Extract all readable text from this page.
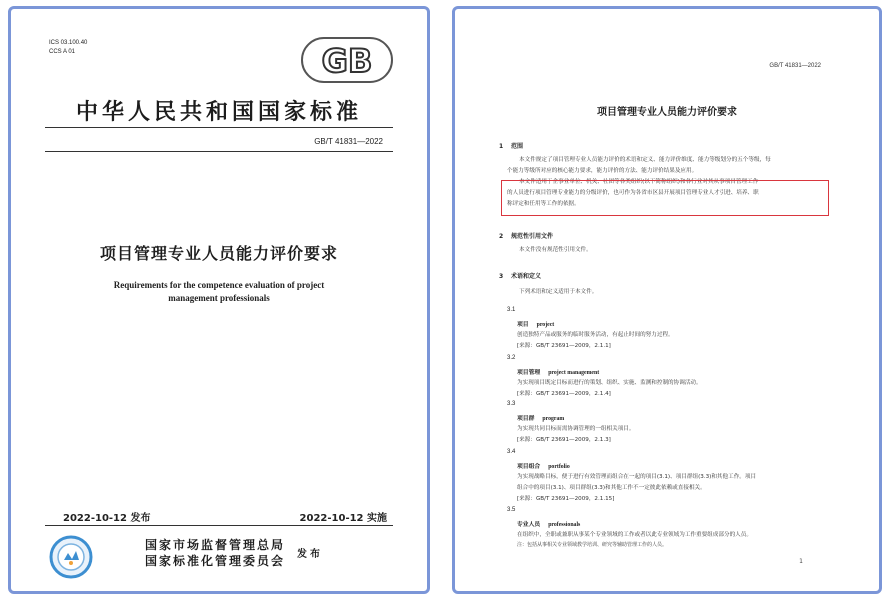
ICS 03.100.40
CCS A 01	GB
中华人民共和国国家标准
GB/T 41831—2022
项目管理专业人员能力评价要求
Requirements for the competence evaluation of project
management professionals
2022-10-12 发布	2022-10-12 实施
国家市场监督管理总局
国家标准化管理委员会 发布
GB/T 41831—2022
项目管理专业人员能力评价要求
1 范围
本文件规定了项目管理专业人员能力评价的术语和定义、能力评价维度、能力等级划分的五个等级，每
个能力等级所对应的核心能力要求，能力评价的方法、能力评价结果及应用。
本文件适用于企事业单位、机关、社团等各类组织(以下简称组织)和各行业对其从事项目管理工作
的人员进行项目管理专业能力的分级评价，也可作为各省市区县开展项目管理专业人才引进、培养、职
称评定和任用等工作的依据。
2 规范性引用文件
本文件没有规范性引用文件。
3 术语和定义
下列术语和定义适用于本文件。
3.1
项目 project
创造独特产品或服务的临时服务活动，有起止时间的努力过程。
[来源：GB/T 23691—2009，2.1.1]
3.2
项目管理 project management
为实现项目既定目标而进行的策划、组织、实施、监测和控制的协调活动。
[来源：GB/T 23691—2009，2.1.4]
3.3
项目群 program
为实现共同目标而需协调管理的一组相关项目。
[来源：GB/T 23691—2009，2.1.3]
3.4
项目组合 portfolio
为实现战略目标，便于进行有效管理而组合在一起的项目(3.1)、项目群组(3.3)和其他工作。项目
组合中的项目(3.1)、项目群组(3.3)和其他工作不一定彼此依赖或直接相关。
[来源：GB/T 23691—2009，2.1.15]
3.5
专业人员 professionals
在组织中，全职或兼职从事某个专业领域的工作或者以此专业领域为工作重要组成部分的人员。
注：包括从事相关专业领域教学培训、研究等辅助管理工作的人员。
1
